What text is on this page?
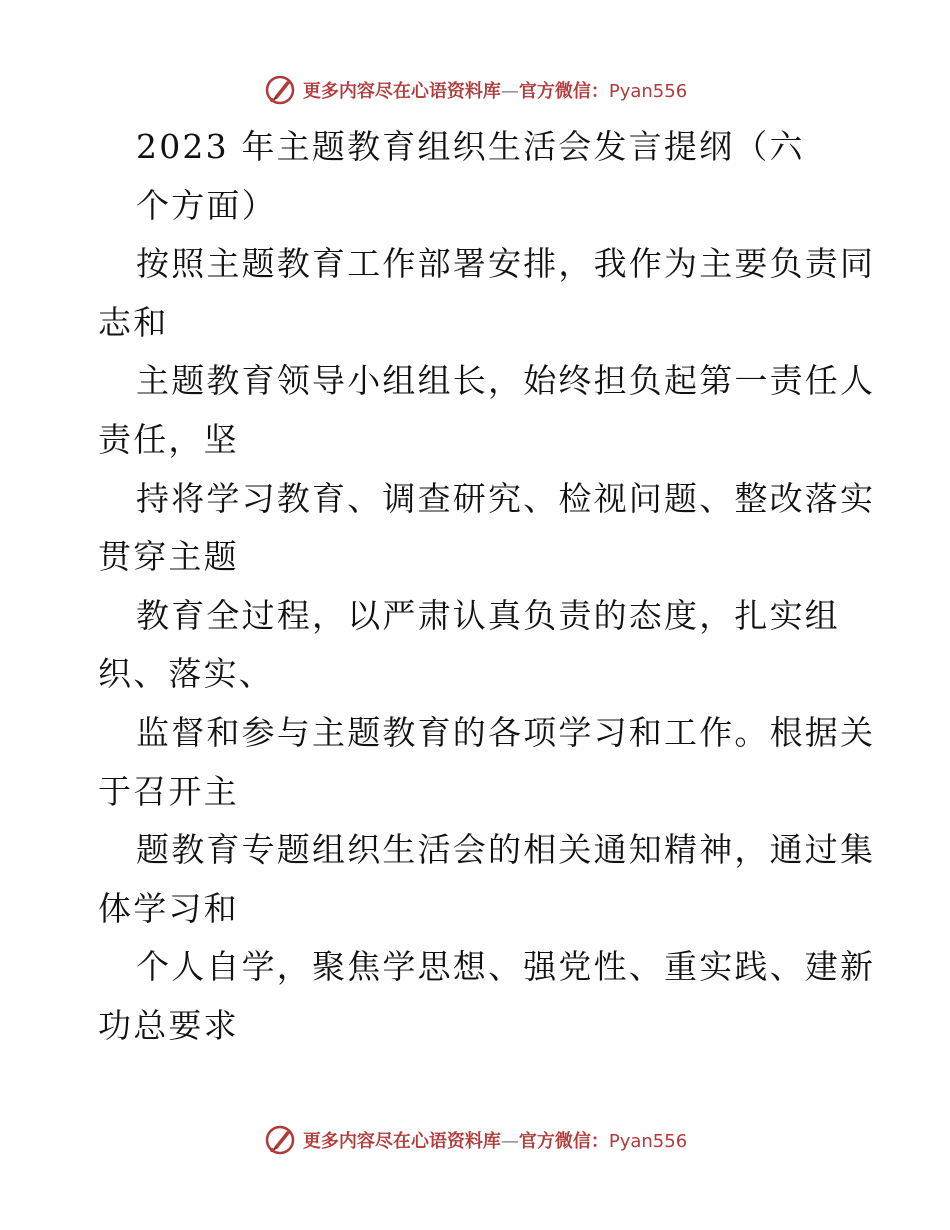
更多内容尽在心语资料库—官方微信：Pyan556
2023 年主题教育组织生活会发言提纲（六
个方面）
按照主题教育工作部署安排，我作为主要负责同
志和
主题教育领导小组组长，始终担负起第一责任人
责任，坚
持将学习教育、调查研究、检视问题、整改落实
贯穿主题
教育全过程，以严肃认真负责的态度，扎实组
织、落实、
监督和参与主题教育的各项学习和工作。根据关
于召开主
题教育专题组织生活会的相关通知精神，通过集
体学习和
个人自学，聚焦学思想、强党性、重实践、建新
功总要求
更多内容尽在心语资料库—官方微信：Pyan556
